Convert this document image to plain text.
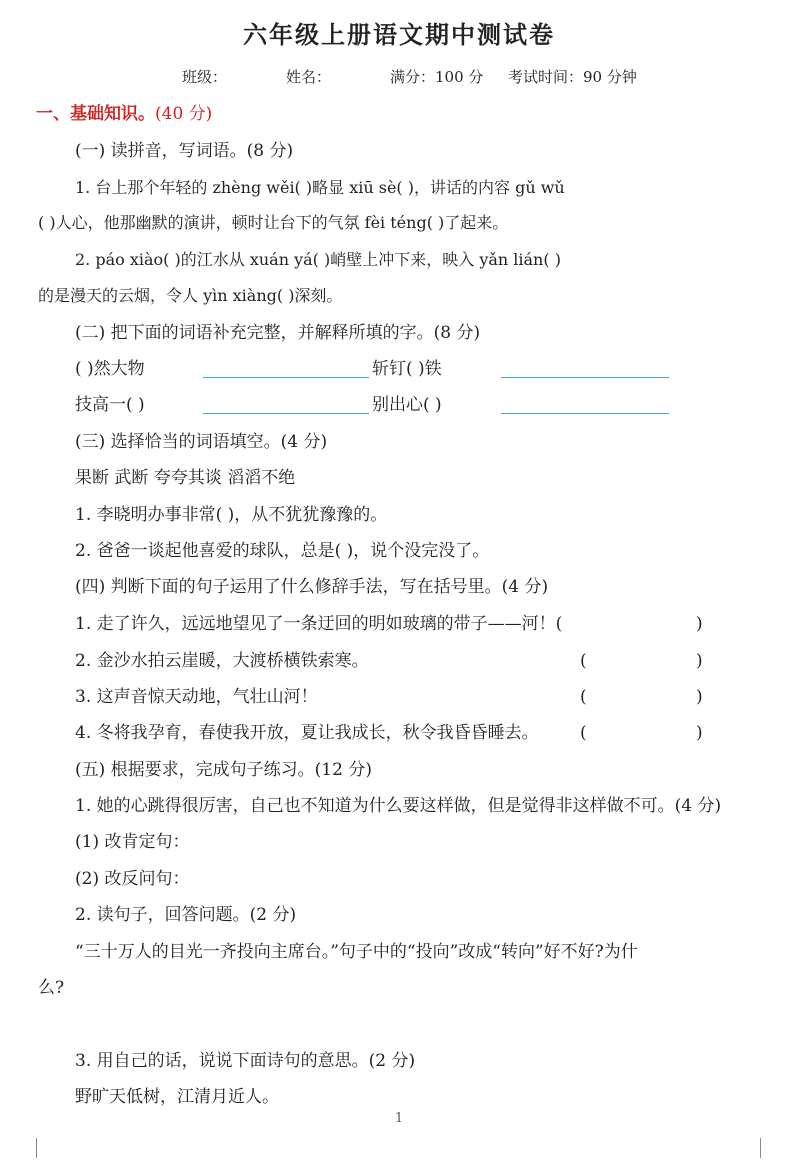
六年级上册语文期中测试卷
班级：	姓名：	满分：100 分 考试时间：90 分钟
一、基础知识。(40 分)
(一) 读拼音，写词语。(8 分)
1. 台上那个年轻的 zhèng wěi( )略显 xiū sè( )，讲话的内容 gǔ wǔ
( )人心，他那幽默的演讲，顿时让台下的气氛 fèi téng( )了起来。
2. páo xiào( )的江水从 xuán yá( )峭壁上冲下来，映入 yǎn lián( )
的是漫天的云烟，令人 yìn xiàng( )深刻。
(二) 把下面的词语补充完整，并解释所填的字。(8 分)
( )然大物	斩钉( )铁
技高一( )	别出心( )
(三) 选择恰当的词语填空。(4 分)
果断 武断 夸夸其谈 滔滔不绝
1. 李晓明办事非常( )，从不犹犹豫豫的。
2. 爸爸一谈起他喜爱的球队，总是( )，说个没完没了。
(四) 判断下面的句子运用了什么修辞手法，写在括号里。(4 分)
1. 走了许久，远远地望见了一条迂回的明如玻璃的带子——河！(	)
2. 金沙水拍云崖暖，大渡桥横铁索寒。	(	)
3. 这声音惊天动地，气壮山河！	(	)
4. 冬将我孕育，春使我开放，夏让我成长，秋令我昏昏睡去。 (	)
(五) 根据要求，完成句子练习。(12 分)
1. 她的心跳得很厉害，自己也不知道为什么要这样做，但是觉得非这样做不可。(4 分)
(1) 改肯定句：
(2) 改反问句：
2. 读句子，回答问题。(2 分)
“三十万人的目光一齐投向主席台。”句子中的“投向”改成“转向”好不好?为什
么?
3. 用自己的话，说说下面诗句的意思。(2 分)
野旷天低树，江清月近人。
1
